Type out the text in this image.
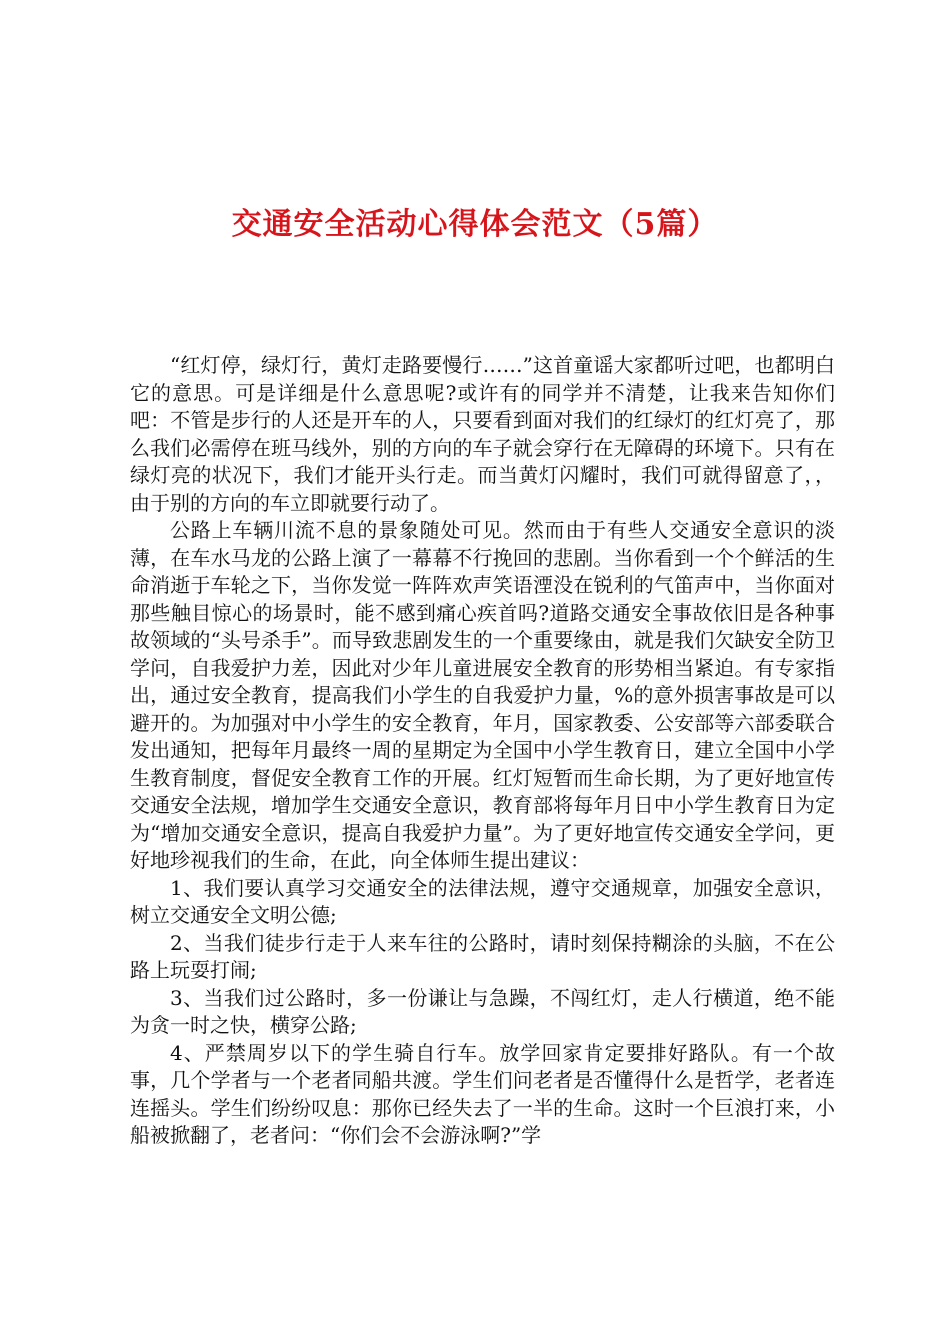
交通安全活动心得体会范文（5篇）

“红灯停，绿灯行，黄灯走路要慢行……”这首童谣大家都听过吧，也都明白它的意思。可是详细是什么意思呢?或许有的同学并不清楚，让我来告知你们吧：不管是步行的人还是开车的人，只要看到面对我们的红绿灯的红灯亮了，那么我们必需停在班马线外，别的方向的车子就会穿行在无障碍的环境下。只有在绿灯亮的状况下，我们才能开头行走。而当黄灯闪耀时，我们可就得留意了，，由于别的方向的车立即就要行动了。

公路上车辆川流不息的景象随处可见。然而由于有些人交通安全意识的淡薄，在车水马龙的公路上演了一幕幕不行挽回的悲剧。当你看到一个个鲜活的生命消逝于车轮之下，当你发觉一阵阵欢声笑语湮没在锐利的气笛声中，当你面对那些触目惊心的场景时，能不感到痛心疾首吗?道路交通安全事故依旧是各种事故领域的“头号杀手”。而导致悲剧发生的一个重要缘由，就是我们欠缺安全防卫学问，自我爱护力差，因此对少年儿童进展安全教育的形势相当紧迫。有专家指出，通过安全教育，提高我们小学生的自我爱护力量，%的意外损害事故是可以避开的。为加强对中小学生的安全教育，年月，国家教委、公安部等六部委联合发出通知，把每年月最终一周的星期定为全国中小学生教育日，建立全国中小学生教育制度，督促安全教育工作的开展。红灯短暂而生命长期，为了更好地宣传交通安全法规，增加学生交通安全意识，教育部将每年月日中小学生教育日为定为“增加交通安全意识，提高自我爱护力量”。为了更好地宣传交通安全学问，更好地珍视我们的生命，在此，向全体师生提出建议：

1、我们要认真学习交通安全的法律法规，遵守交通规章，加强安全意识，树立交通安全文明公德;

2、当我们徒步行走于人来车往的公路时，请时刻保持糊涂的头脑，不在公路上玩耍打闹;

3、当我们过公路时，多一份谦让与急躁，不闯红灯，走人行横道，绝不能为贪一时之快，横穿公路;

4、严禁周岁以下的学生骑自行车。放学回家肯定要排好路队。有一个故事，几个学者与一个老者同船共渡。学生们问老者是否懂得什么是哲学，老者连连摇头。学生们纷纷叹息：那你已经失去了一半的生命。这时一个巨浪打来，小船被掀翻了，老者问：“你们会不会游泳啊?”学
